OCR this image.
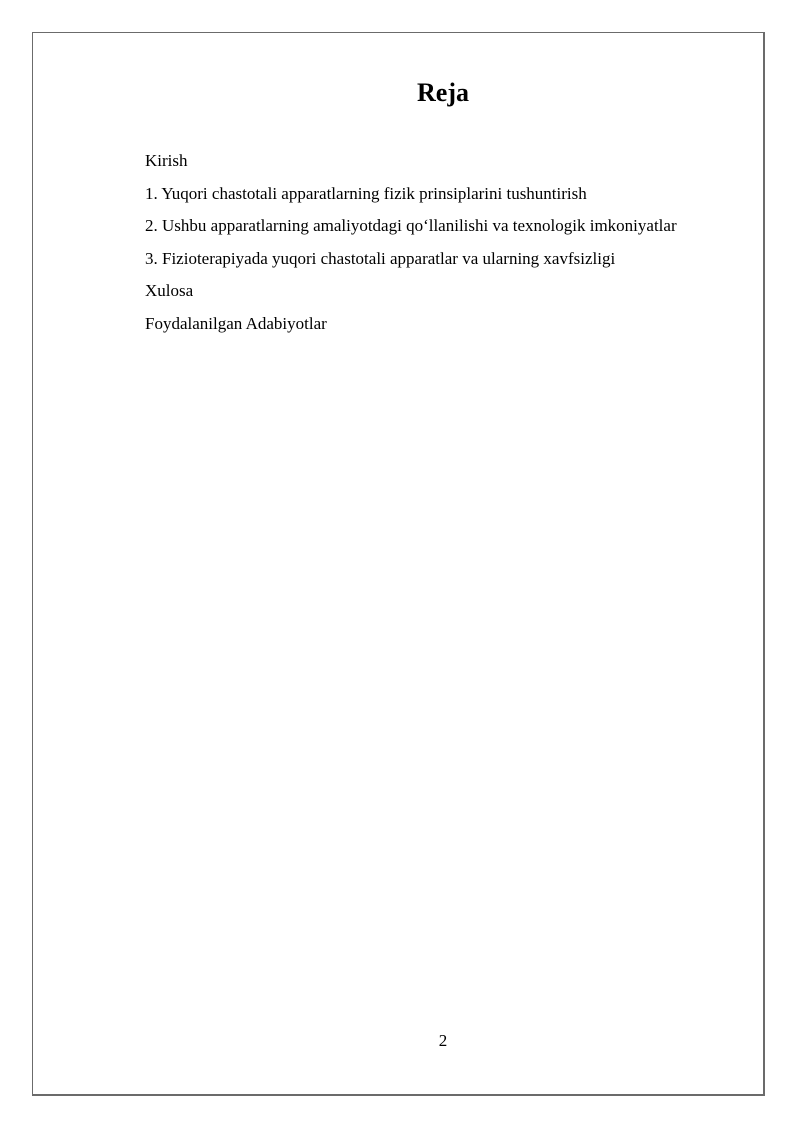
Reja
Kirish
1. Yuqori chastotali apparatlarning fizik prinsiplarini tushuntirish
2. Ushbu apparatlarning amaliyotdagi qo‘llanilishi va texnologik imkoniyatlar
3. Fizioterapiyada yuqori chastotali apparatlar va ularning xavfsizligi
Xulosa
Foydalanilgan Adabiyotlar
2
